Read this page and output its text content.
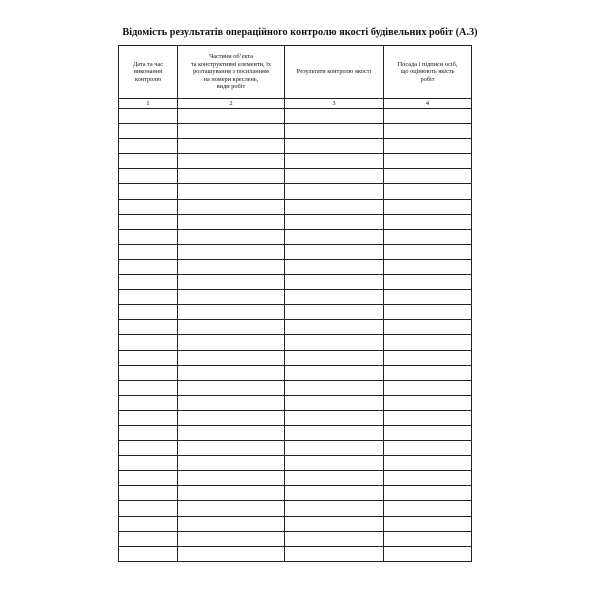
Відомість результатів операційного контролю якості будівельних робіт (А.3)
Дата та час
виконання
контролю	Частини об’єкта
та конструктивні елементи, їх
розташування з посиланням
на номери креслень,
види робіт	Результати контролю якості	Посада і підписи осіб,
що оцінюють якість
робіт

1	2	3	4
